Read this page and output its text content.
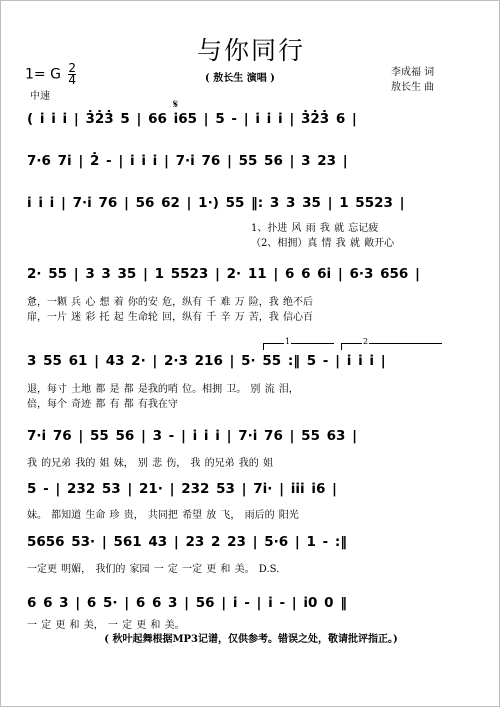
与你同行
1= G $\frac{2}{4}$
中速
( 敖长生 演唱 )
李成福 词
敖长生 曲
𝄋
( i̇ i̇ i̇ | 3̇2̇3̇ 5 | 66 i̇65 | 5 - | i̇ i̇ i̇ | 3̇2̇3̇ 6 |
7·6 7i̇ | 2̇ - | i̇ i̇ i̇ | 7·i̇ 76 | 55 56 | 3 23 |
i̇ i̇ i̇ | 7·i̇ 76 | 56 62 | 1·) 55 ‖: 3 3 35 | 1 5523 |
1、扑进 风 雨 我 就 忘记疲
（2、相拥）真 情 我 就 敞开心
2· 55 | 3 3 35 | 1 5523 | 2· 11 | 6 6 6i̇ | 6·3 656 |
惫，一颗 兵 心 想 着 你的安 危，纵有 千 难 万 险，我 绝不后
扉，一片 迷 彩 托 起 生命轮 回，纵有 千 辛 万 苦，我 信心百
1	2
3 55 61 | 43 2· | 2·3 216 | 5· 55 :‖ 5 - | i̇ i̇ i̇ |
退，每寸 土地 都 是 都 是我的哨 位。相拥 卫。 别 流 泪，
倍，每个 奇迹 都 有 都 有我在守
7·i̇ 76 | 55 56 | 3 - | i̇ i̇ i̇ | 7·i̇ 76 | 55 63 |
我 的兄弟 我的 姐 妹， 别 悲 伤， 我 的兄弟 我的 姐
5 - | 232 53 | 21· | 232 53 | 7i̇· | i̇i̇i̇ i̇6 |
妹。 都知道 生命 珍 贵， 共同把 希望 放 飞， 雨后的 阳光
5656 53· | 561 43 | 23 2 23 | 5·6 | 1 - :‖
一定更 明媚， 我们的 家园 一 定 一定 更 和 美。 D.S.
6 6 3 | 6 5· | 6 6 3 | 56 | i̇ - | i̇ - | i̇0 0 ‖
一 定 更 和 美， 一 定 更 和 美。
( 秋叶起舞根据MP3记谱，仅供参考。错误之处，敬请批评指正。)
